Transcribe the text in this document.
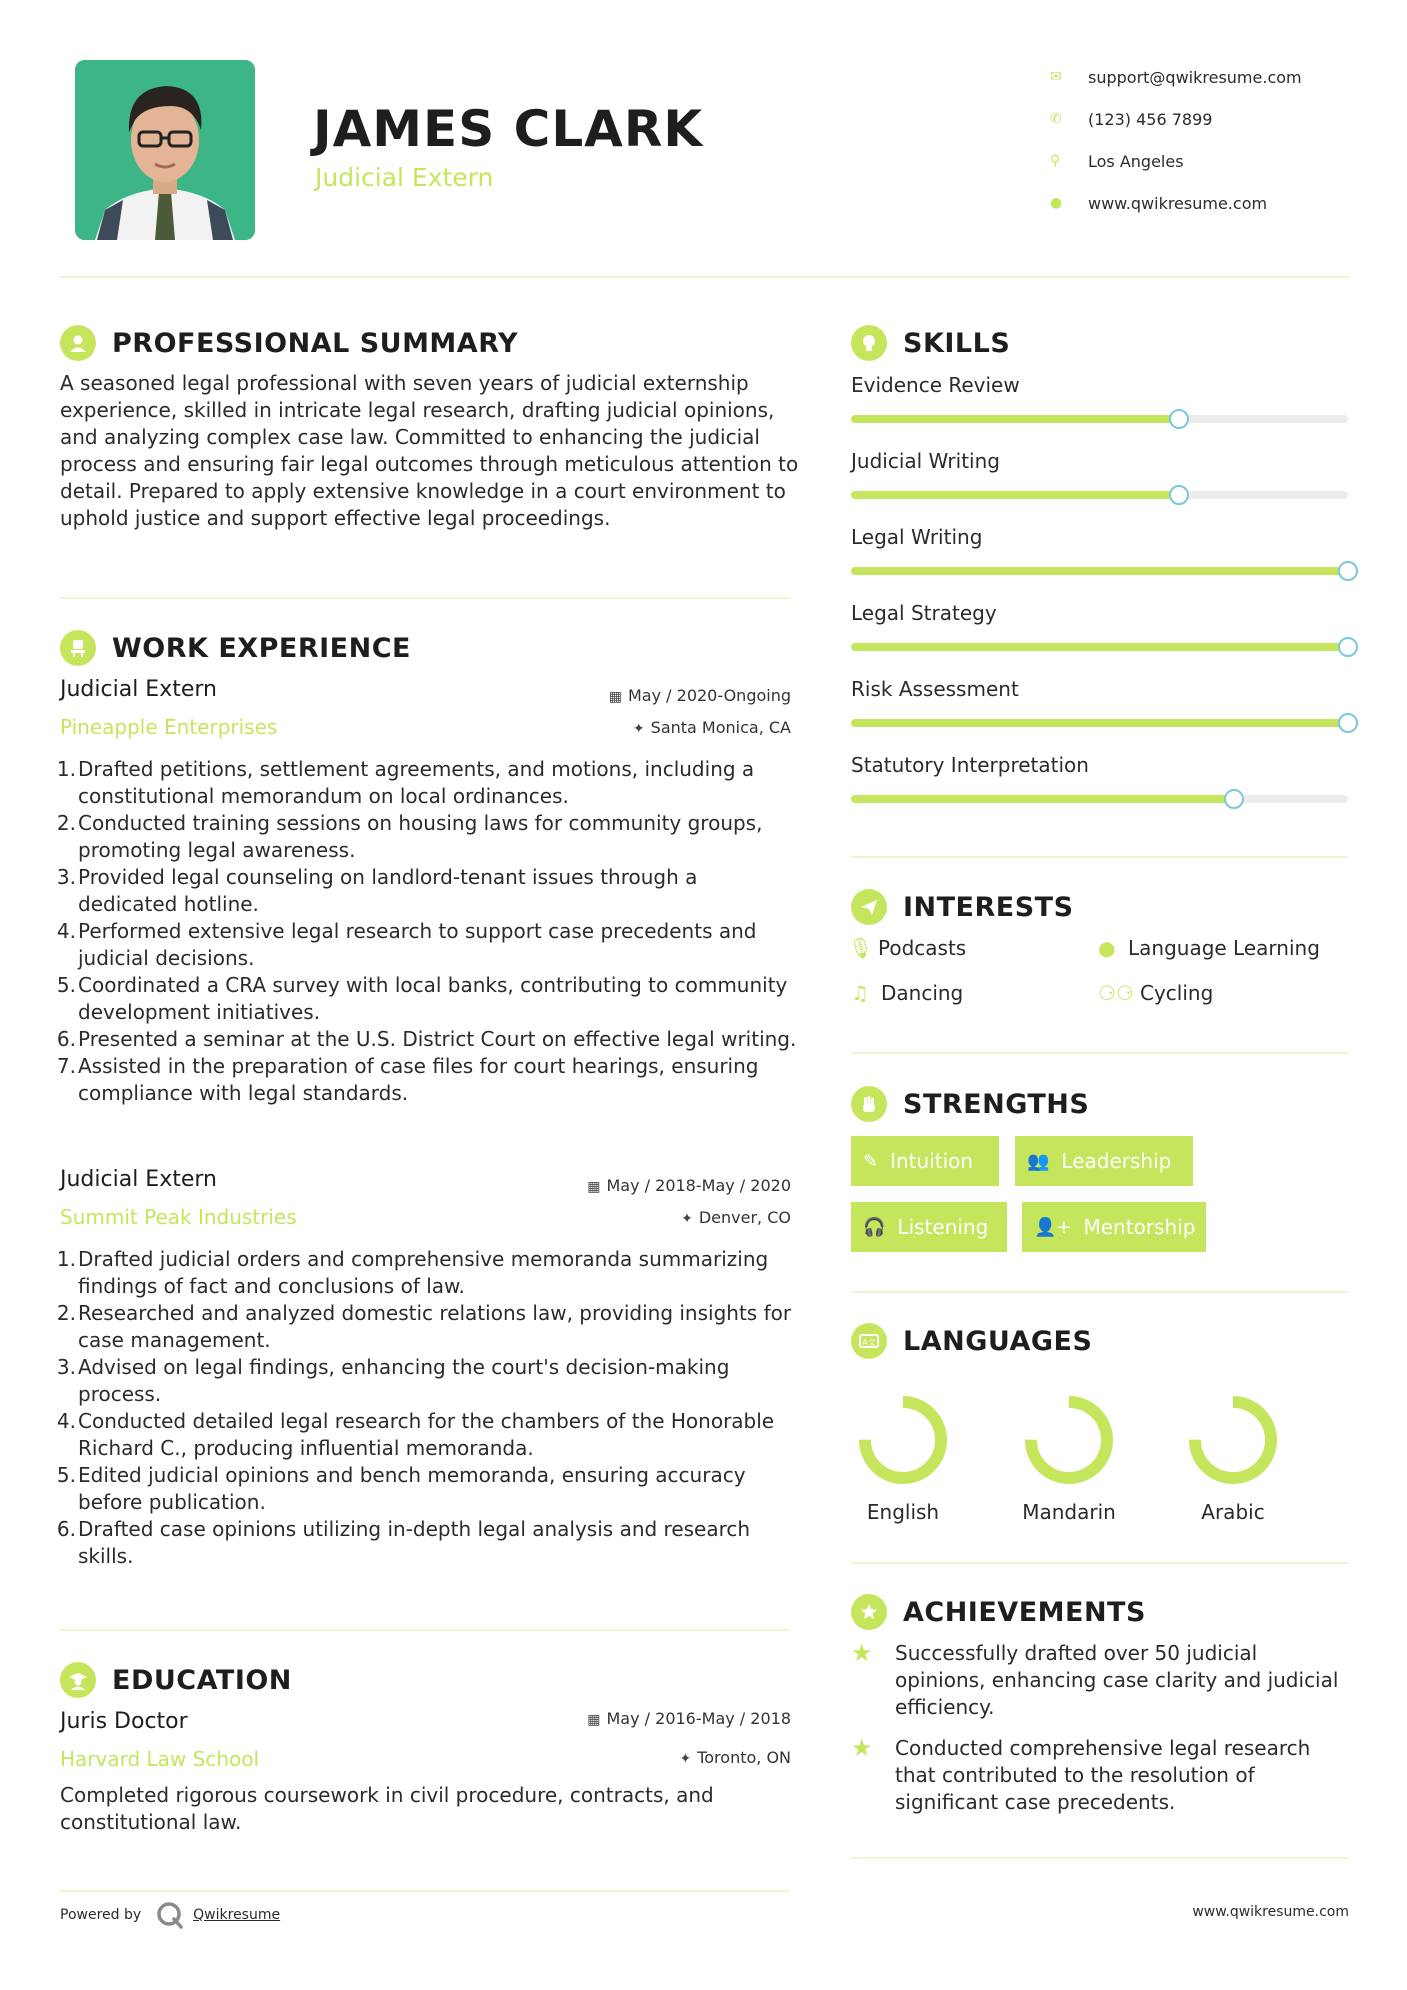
JAMES CLARK
Judicial Extern
✉	support@qwikresume.com
✆	(123) 456 7899
⚲	Los Angeles
●	www.qwikresume.com
PROFESSIONAL SUMMARY
A seasoned legal professional with seven years of judicial externship experience, skilled in intricate legal research, drafting judicial opinions, and analyzing complex case law. Committed to enhancing the judicial process and ensuring fair legal outcomes through meticulous attention to detail. Prepared to apply extensive knowledge in a court environment to uphold justice and support effective legal proceedings.
WORK EXPERIENCE
Judicial Extern
Pineapple Enterprises
▦ May / 2020-Ongoing
✦ Santa Monica, CA
1. Drafted petitions, settlement agreements, and motions, including a constitutional memorandum on local ordinances.
2. Conducted training sessions on housing laws for community groups, promoting legal awareness.
3. Provided legal counseling on landlord-tenant issues through a dedicated hotline.
4. Performed extensive legal research to support case precedents and judicial decisions.
5. Coordinated a CRA survey with local banks, contributing to community development initiatives.
6. Presented a seminar at the U.S. District Court on effective legal writing.
7. Assisted in the preparation of case files for court hearings, ensuring compliance with legal standards.
Judicial Extern
Summit Peak Industries
▦ May / 2018-May / 2020
✦ Denver, CO
1. Drafted judicial orders and comprehensive memoranda summarizing findings of fact and conclusions of law.
2. Researched and analyzed domestic relations law, providing insights for case management.
3. Advised on legal findings, enhancing the court's decision-making process.
4. Conducted detailed legal research for the chambers of the Honorable Richard C., producing influential memoranda.
5. Edited judicial opinions and bench memoranda, ensuring accuracy before publication.
6. Drafted case opinions utilizing in-depth legal analysis and research skills.
EDUCATION
Juris Doctor
Harvard Law School
▦ May / 2016-May / 2018
✦ Toronto, ON
Completed rigorous coursework in civil procedure, contracts, and constitutional law.
SKILLS
Evidence Review
Judicial Writing
Legal Writing
Legal Strategy
Risk Assessment
Statutory Interpretation
INTERESTS
🎙 Podcasts	● Language Learning
♫ Dancing	⚆⚆ Cycling
STRENGTHS
✎ Intuition	👥 Leadership
🎧 Listening	👤+ Mentorship
A文 LANGUAGES
English	Mandarin	Arabic
ACHIEVEMENTS
★	Successfully drafted over 50 judicial opinions, enhancing case clarity and judicial efficiency.
★	Conducted comprehensive legal research that contributed to the resolution of significant case precedents.
Powered by	Qwikresume	www.qwikresume.com
